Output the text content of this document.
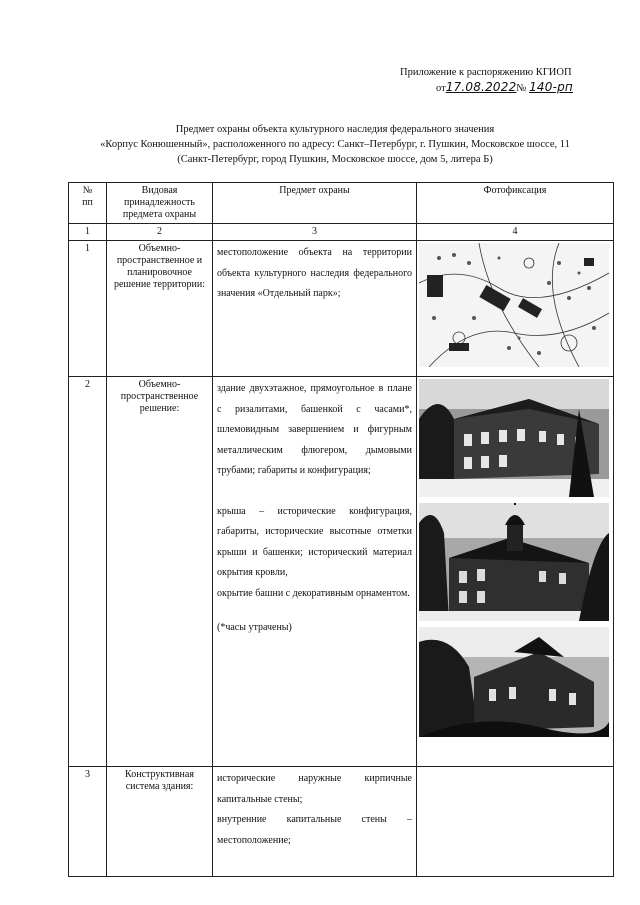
Приложение к распоряжению КГИОП
от17.08.2022№ 140-рп
Предмет охраны объекта культурного наследия федерального значения
«Корпус Конюшенный», расположенного по адресу: Санкт–Петербург, г. Пушкин, Московское шоссе, 11
(Санкт-Петербург, город Пушкин, Московское шоссе, дом 5, литера Б)
№
пп	Видовая принадлежность предмета охраны	Предмет охраны	Фотофиксация
1	2	3	4
1	Объемно-пространственное и планировочное решение территории:	местоположение объекта на территории объекта культурного наследия федерального значения «Отдельный парк»;	

2	Объемно-пространственное решение:	здание двухэтажное, прямоугольное в плане с ризалитами, башенкой с часами*, шлемовидным завершением и фигурным металлическим флюгером, дымовыми трубами; габариты и конфигурация;
крыша – исторические конфигурация, габариты, исторические высотные отметки крыши и башенки; исторический материал окрытия кровли,
окрытие башни с декоративным орнаментом.
(*часы утрачены)

3	Конструктивная система здания:	исторические наружные кирпичные капитальные стены;
внутренние капитальные стены – местоположение;	
